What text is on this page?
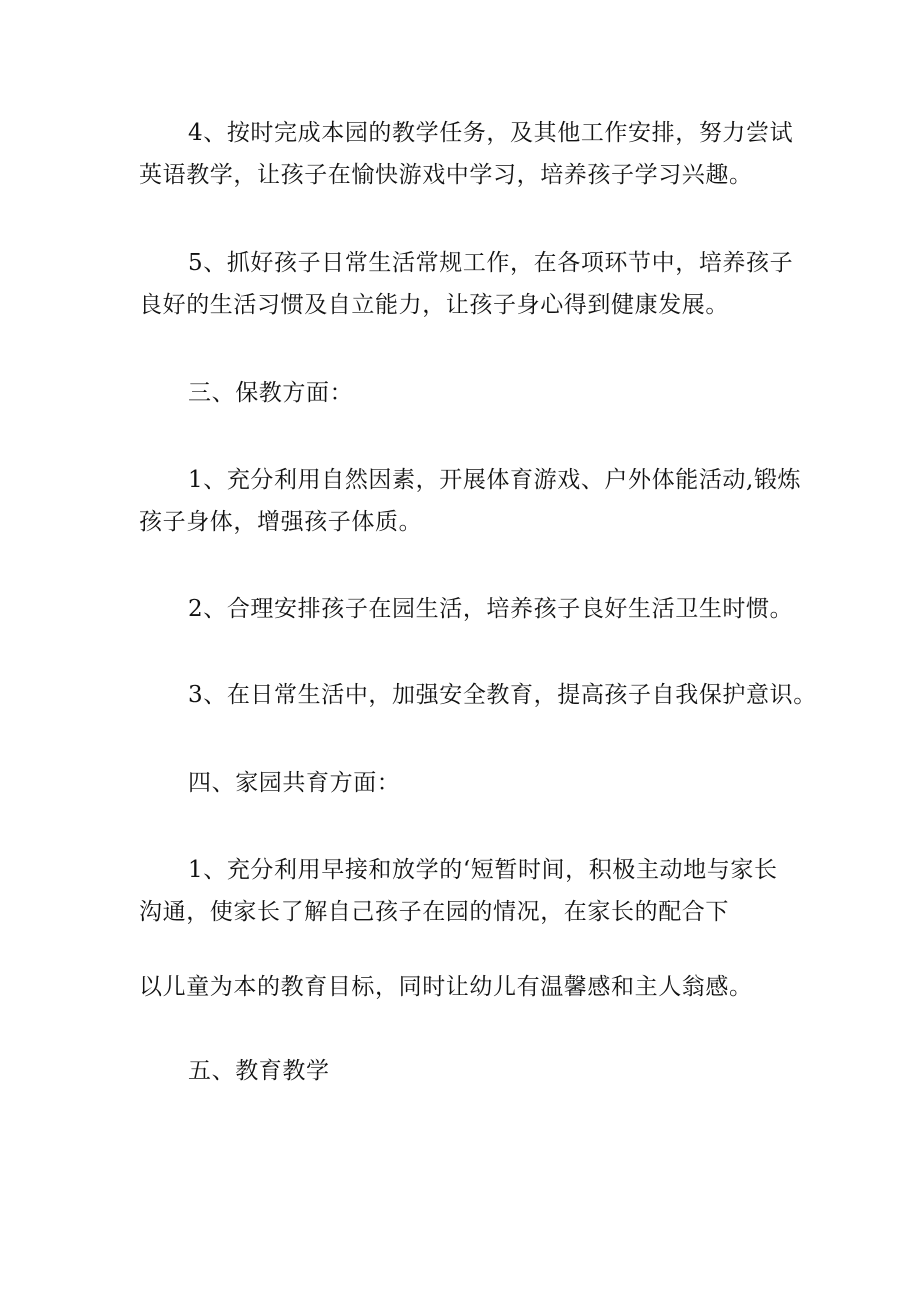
4、按时完成本园的教学任务，及其他工作安排，努力尝试
英语教学，让孩子在愉快游戏中学习，培养孩子学习兴趣。
5、抓好孩子日常生活常规工作，在各项环节中，培养孩子
良好的生活习惯及自立能力，让孩子身心得到健康发展。
三、保教方面：
1、充分利用自然因素，开展体育游戏、户外体能活动,锻炼
孩子身体，增强孩子体质。
2、合理安排孩子在园生活，培养孩子良好生活卫生时惯。
3、在日常生活中，加强安全教育，提高孩子自我保护意识。
四、家园共育方面：
1、充分利用早接和放学的‘短暂时间，积极主动地与家长
沟通，使家长了解自己孩子在园的情况，在家长的配合下
以儿童为本的教育目标，同时让幼儿有温馨感和主人翁感。
五、教育教学
